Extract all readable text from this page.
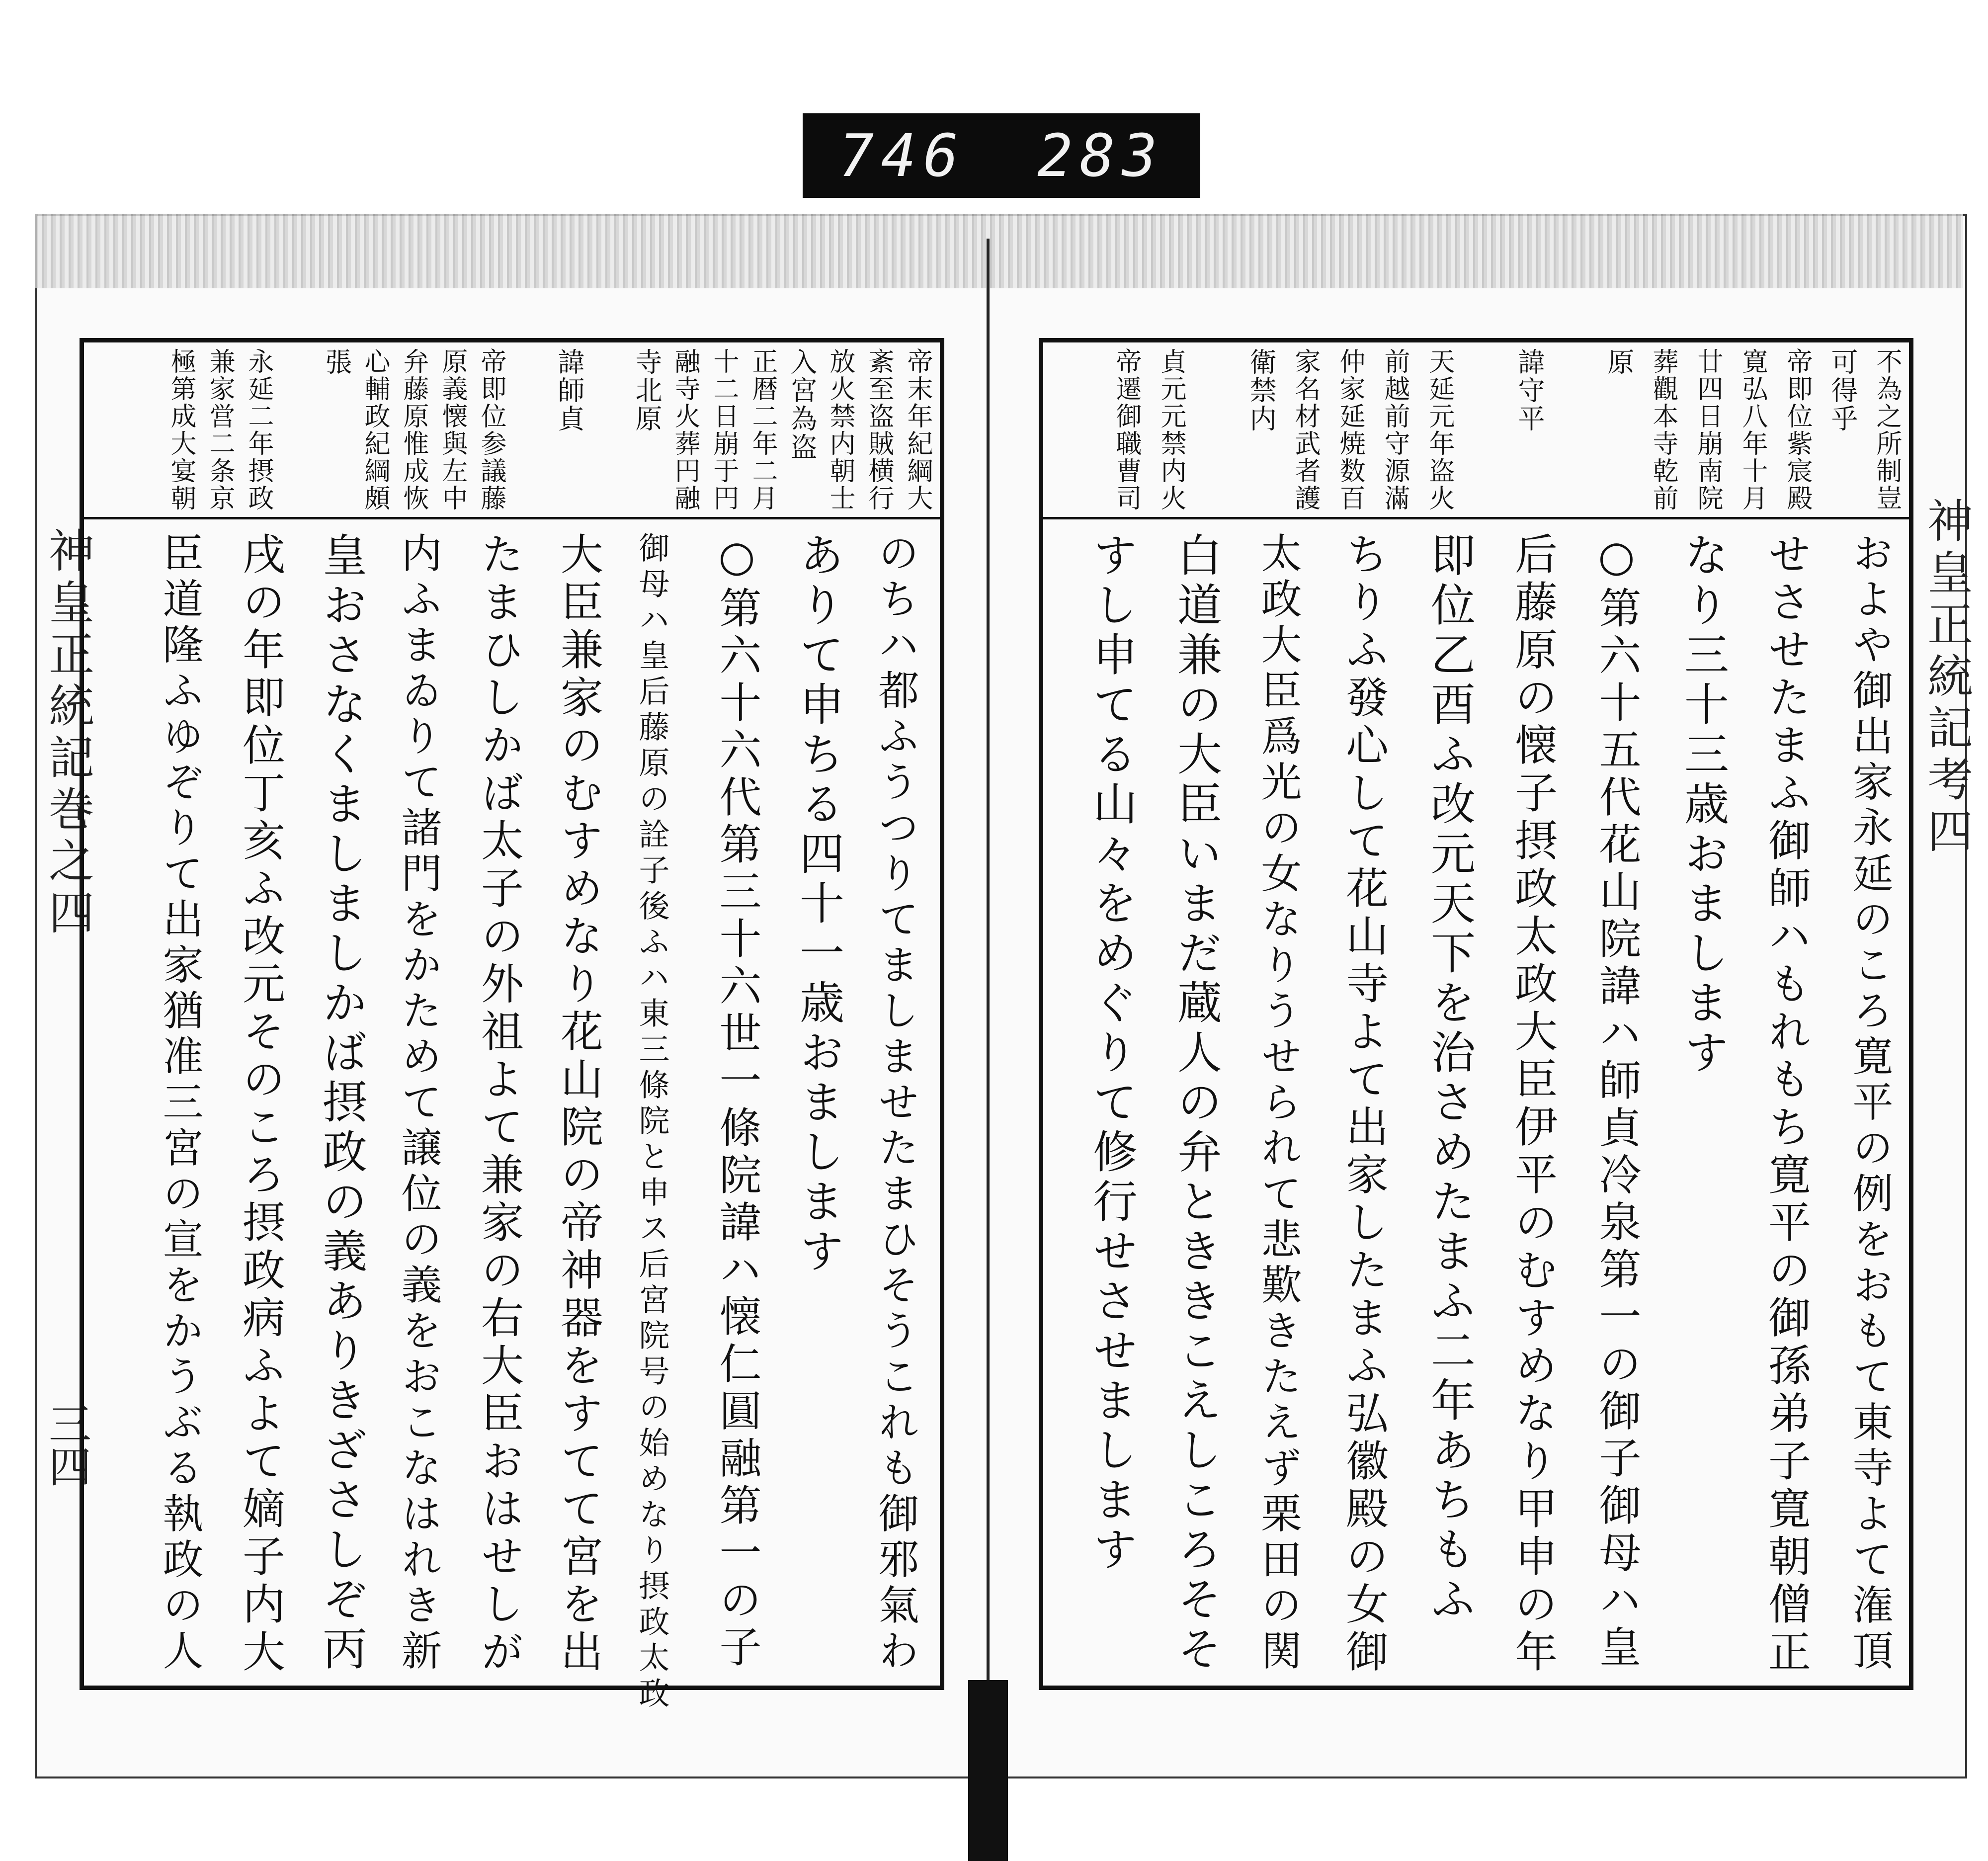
746 283
神皇正統記巻之四
三四
帝末年紀綱大
紊至盗賊横行
放火禁内朝士
入宮為盗
正暦二年二月
十二日崩于円
融寺火葬円融
寺北原
諱師貞
帝即位参議藤
原義懐與左中
弁藤原惟成恢
心輔政紀綱頗
張
永延二年摂政
兼家営二条京
極第成大宴朝
のちハ都ふうつりてましませたまひそうこれも御邪氣わ
ありて申ちる四十一歳おまします
○第六十六代第三十六世一條院諱ハ懐仁圓融第一の子
御母ハ皇后藤原の詮子後ふハ東三條院と申ス后宮院号の始めなり摂政太政
大臣兼家のむすめなり花山院の帝神器をすてて宮を出
たまひしかば太子の外祖よて兼家の右大臣おはせしが
内ふまゐりて諸門をかためて譲位の義をおこなはれき新
皇おさなくましましかば摂政の義ありきざさしぞ丙
戌の年即位丁亥ふ改元そのころ摂政病ふよて嫡子内大
臣道隆ふゆぞりて出家猶准三宮の宣をかうぶる執政の人	神皇正統記考四
不為之所制豈
可得乎
帝即位紫宸殿
寛弘八年十月
廿四日崩南院
葬觀本寺乾前
原
諱守平
天延元年盗火
前越前守源滿
仲家延焼数百
家名材武者護
衛禁内
貞元元禁内火
帝遷御職曹司
およや御出家永延のころ寛平の例をおもて東寺よて潅頂
せさせたまふ御師ハもれもち寛平の御孫弟子寛朝僧正
なり三十三歳おまします
○第六十五代花山院諱ハ師貞冷泉第一の御子御母ハ皇
后藤原の懐子摂政太政大臣伊平のむすめなり甲申の年
即位乙酉ふ改元天下を治さめたまふ二年あちもふ
ちりふ發心して花山寺よて出家したまふ弘徽殿の女御
太政大臣爲光の女なりうせられて悲歎きたえず栗田の関
白道兼の大臣いまだ蔵人の弁とききこえしころそそ
すし申てる山々をめぐりて修行せさせまします
